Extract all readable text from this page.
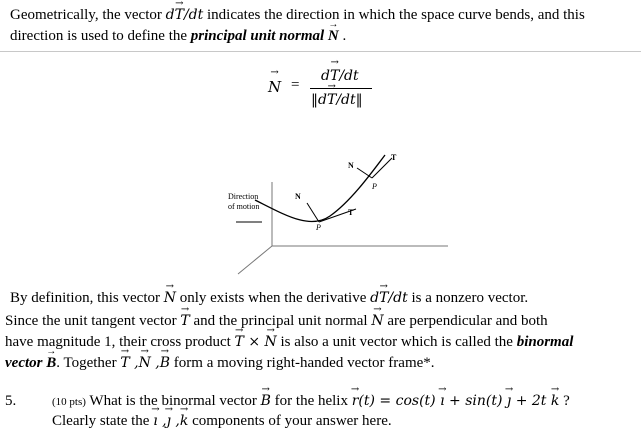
Geometrically, the vector dT →/dt indicates the direction in which the space curve bends, and this
direction is used to define the principal unit normal N → .
N → =
dT →/dt
‖dT →/dt‖
Direction
of motion
N
T
P
N
T
P
By definition, this vector N → only exists when the derivative dT →/dt is a nonzero vector.
Since the unit tangent vector T → and the principal unit normal N → are perpendicular and both
have magnitude 1, their cross product T → × N → is also a unit vector which is called the binormal
vector B →. Together T → ,N → ,B → form a moving right-handed vector frame*.
5.	(10 pts) What is the binormal vector B → for the helix r →(t) = cos(t) ı → + sin(t) ȷ → + 2t k → ?
Clearly state the ı → ,ȷ → ,k → components of your answer here.
